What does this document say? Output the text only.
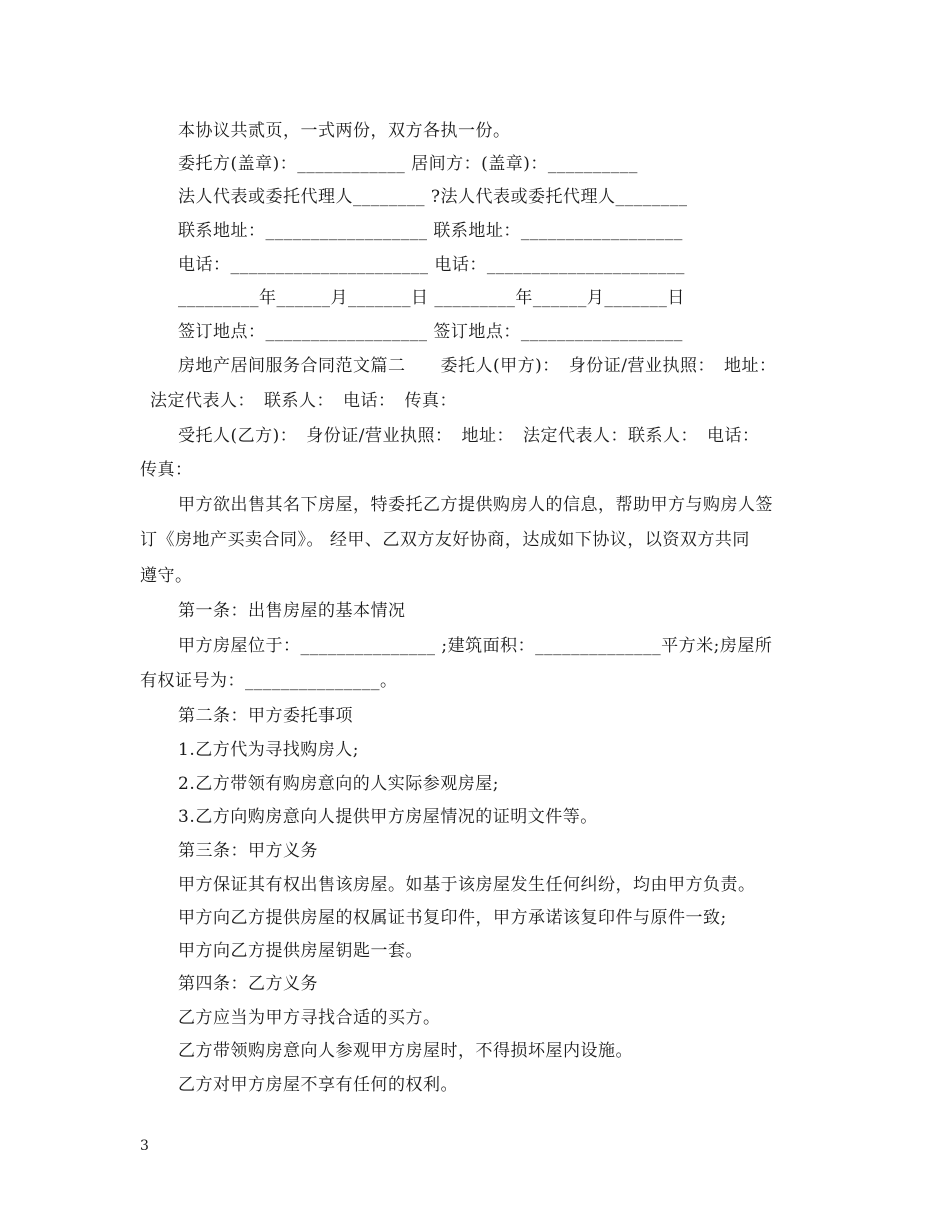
本协议共贰页，一式两份，双方各执一份。
委托方(盖章)：____________ 居间方：(盖章)：__________
法人代表或委托代理人________ ?法人代表或委托代理人________
联系地址：__________________ 联系地址：__________________
电话：______________________ 电话：______________________
_________年______月_______日 _________年______月_______日
签订地点：__________________ 签订地点：__________________
房地产居间服务合同范文篇二　　委托人(甲方)：　身份证/营业执照：　地址：
法定代表人：　联系人：　电话：　传真：
受托人(乙方)：　身份证/营业执照：　地址：　法定代表人：联系人：　电话：
传真：
甲方欲出售其名下房屋，特委托乙方提供购房人的信息，帮助甲方与购房人签
订《房地产买卖合同》。 经甲、乙双方友好协商，达成如下协议，以资双方共同
遵守。
第一条：出售房屋的基本情况
甲方房屋位于：_______________ ;建筑面积：______________平方米;房屋所
有权证号为：_______________。
第二条：甲方委托事项
1.乙方代为寻找购房人;
2.乙方带领有购房意向的人实际参观房屋;
3.乙方向购房意向人提供甲方房屋情况的证明文件等。
第三条：甲方义务
甲方保证其有权出售该房屋。如基于该房屋发生任何纠纷，均由甲方负责。
甲方向乙方提供房屋的权属证书复印件，甲方承诺该复印件与原件一致;
甲方向乙方提供房屋钥匙一套。
第四条：乙方义务
乙方应当为甲方寻找合适的买方。
乙方带领购房意向人参观甲方房屋时，不得损坏屋内设施。
乙方对甲方房屋不享有任何的权利。
3
